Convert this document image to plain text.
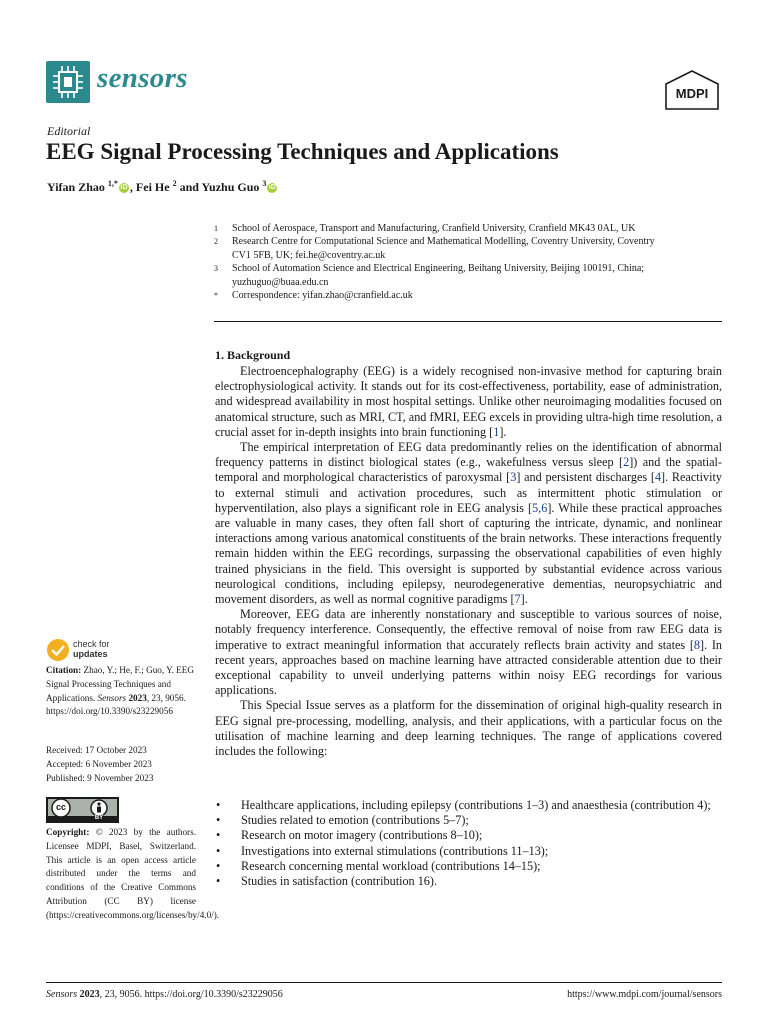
sensors	MDPI
Editorial
EEG Signal Processing Techniques and Applications
Yifan Zhao $^{1,*}$ iD , Fei He $^2$ and Yuzhu Guo $^3$ iD
1 School of Aerospace, Transport and Manufacturing, Cranfield University, Cranfield MK43 0AL, UK
2 Research Centre for Computational Science and Mathematical Modelling, Coventry University, Coventry CV1 5FB, UK; fei.he@coventry.ac.uk
3 School of Automation Science and Electrical Engineering, Beihang University, Beijing 100191, China; yuzhuguo@buaa.edu.cn
* Correspondence: yifan.zhao@cranfield.ac.uk
1. Background

Electroencephalography (EEG) is a widely recognised non-invasive method for capturing brain electrophysiological activity. It stands out for its cost-effectiveness, portability, ease of administration, and widespread availability in most hospital settings. Unlike other neuroimaging modalities focused on anatomical structure, such as MRI, CT, and fMRI, EEG excels in providing ultra-high time resolution, a crucial asset for in-depth insights into brain functioning [1].

The empirical interpretation of EEG data predominantly relies on the identification of abnormal frequency patterns in distinct biological states (e.g., wakefulness versus sleep [2]) and the spatial-temporal and morphological characteristics of paroxysmal [3] and persistent discharges [4]. Reactivity to external stimuli and activation procedures, such as intermittent photic stimulation or hyperventilation, also plays a significant role in EEG analysis [5,6]. While these practical approaches are valuable in many cases, they often fall short of capturing the intricate, dynamic, and nonlinear interactions among various anatomical constituents of the brain networks. These interactions frequently remain hidden within the EEG recordings, surpassing the observational capabilities of even highly trained physicians in the field. This oversight is supported by substantial evidence across various neurological conditions, including epilepsy, neurodegenerative dementias, neuropsychiatric and movement disorders, as well as normal cognitive paradigms [7].

Moreover, EEG data are inherently nonstationary and susceptible to various sources of noise, notably frequency interference. Consequently, the effective removal of noise from raw EEG data is imperative to extract meaningful information that accurately reflects brain activity and states [8]. In recent years, approaches based on machine learning have attracted considerable attention due to their exceptional capability to unveil underlying patterns within noisy EEG recordings for various applications.

This Special Issue serves as a platform for the dissemination of original high-quality research in EEG signal pre-processing, modelling, analysis, and their applications, with a particular focus on the utilisation of machine learning and deep learning techniques. The range of applications covered includes the following:

• Healthcare applications, including epilepsy (contributions 1–3) and anaesthesia (contribution 4);
• Studies related to emotion (contributions 5–7);
• Research on motor imagery (contributions 8–10);
• Investigations into external stimulations (contributions 11–13);
• Research concerning mental workload (contributions 14–15);
• Studies in satisfaction (contribution 16).
check for
updates
Citation: Zhao, Y.; He, F.; Guo, Y. EEG Signal Processing Techniques and Applications. Sensors 2023, 23, 9056. https://doi.org/10.3390/s23229056
Received: 17 October 2023
Accepted: 6 November 2023
Published: 9 November 2023
cc
BY
Copyright: © 2023 by the authors. Licensee MDPI, Basel, Switzerland. This article is an open access article distributed under the terms and conditions of the Creative Commons Attribution (CC BY) license (https://creativecommons.org/licenses/by/4.0/).
Sensors 2023, 23, 9056. https://doi.org/10.3390/s23229056	https://www.mdpi.com/journal/sensors
